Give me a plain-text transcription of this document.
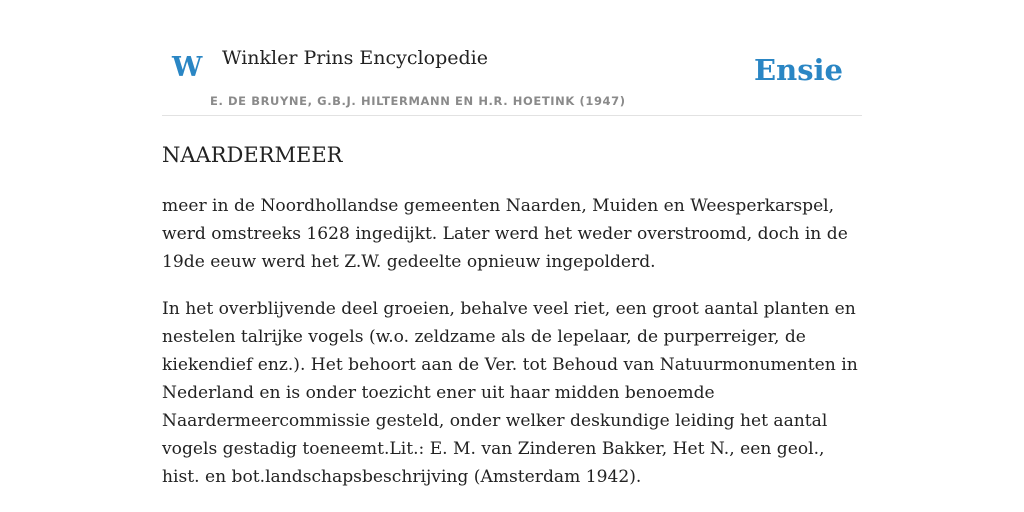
W Winkler Prins Encyclopedie
E. DE BRUYNE, G.B.J. HILTERMANN EN H.R. HOETINK (1947)
Ensie
NAARDERMEER

meer in de Noordhollandse gemeenten Naarden, Muiden en Weesperkarspel, werd omstreeks 1628 ingedijkt. Later werd het weder overstroomd, doch in de 19de eeuw werd het Z.W. gedeelte opnieuw ingepolderd.

In het overblijvende deel groeien, behalve veel riet, een groot aantal planten en nestelen talrijke vogels (w.o. zeldzame als de lepelaar, de purperreiger, de kiekendief enz.). Het behoort aan de Ver. tot Behoud van Natuurmonumenten in Nederland en is onder toezicht ener uit haar midden benoemde Naardermeercommissie gesteld, onder welker deskundige leiding het aantal vogels gestadig toeneemt.Lit.: E. M. van Zinderen Bakker, Het N., een geol., hist. en bot.landschapsbeschrijving (Amsterdam 1942).
